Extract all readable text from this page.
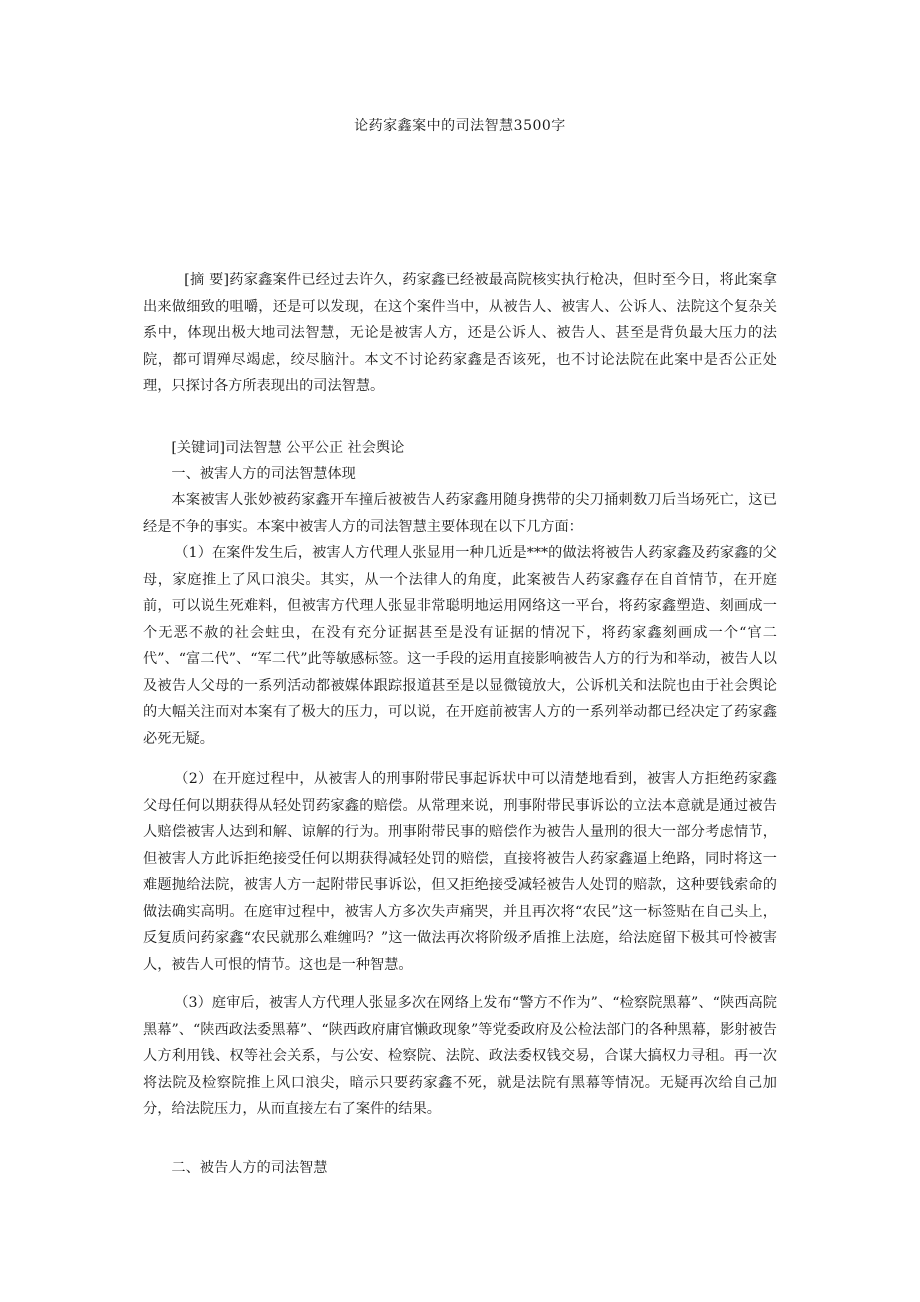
论药家鑫案中的司法智慧3500字

[摘 要]药家鑫案件已经过去许久，药家鑫已经被最高院核实执行枪决，但时至今日，将此案拿出来做细致的咀嚼，还是可以发现，在这个案件当中，从被告人、被害人、公诉人、法院这个复杂关系中，体现出极大地司法智慧，无论是被害人方，还是公诉人、被告人、甚至是背负最大压力的法院，都可谓殚尽竭虑，绞尽脑汁。本文不讨论药家鑫是否该死，也不讨论法院在此案中是否公正处理，只探讨各方所表现出的司法智慧。

[关键词]司法智慧 公平公正 社会舆论

一、被害人方的司法智慧体现

本案被害人张妙被药家鑫开车撞后被被告人药家鑫用随身携带的尖刀捅刺数刀后当场死亡，这已经是不争的事实。本案中被害人方的司法智慧主要体现在以下几方面：

（1）在案件发生后，被害人方代理人张显用一种几近是***的做法将被告人药家鑫及药家鑫的父母，家庭推上了风口浪尖。其实，从一个法律人的角度，此案被告人药家鑫存在自首情节，在开庭前，可以说生死难料，但被害方代理人张显非常聪明地运用网络这一平台，将药家鑫塑造、刻画成一个无恶不赦的社会蛀虫，在没有充分证据甚至是没有证据的情况下，将药家鑫刻画成一个“官二代”、“富二代”、“军二代”此等敏感标签。这一手段的运用直接影响被告人方的行为和举动，被告人以及被告人父母的一系列活动都被媒体跟踪报道甚至是以显微镜放大，公诉机关和法院也由于社会舆论的大幅关注而对本案有了极大的压力，可以说，在开庭前被害人方的一系列举动都已经决定了药家鑫必死无疑。

（2）在开庭过程中，从被害人的刑事附带民事起诉状中可以清楚地看到，被害人方拒绝药家鑫父母任何以期获得从轻处罚药家鑫的赔偿。从常理来说，刑事附带民事诉讼的立法本意就是通过被告人赔偿被害人达到和解、谅解的行为。刑事附带民事的赔偿作为被告人量刑的很大一部分考虑情节，但被害人方此诉拒绝接受任何以期获得减轻处罚的赔偿，直接将被告人药家鑫逼上绝路，同时将这一难题抛给法院，被害人方一起附带民事诉讼，但又拒绝接受减轻被告人处罚的赔款，这种要钱索命的做法确实高明。在庭审过程中，被害人方多次失声痛哭，并且再次将“农民”这一标签贴在自己头上，反复质问药家鑫“农民就那么难缠吗？”这一做法再次将阶级矛盾推上法庭，给法庭留下极其可怜被害人，被告人可恨的情节。这也是一种智慧。

（3）庭审后，被害人方代理人张显多次在网络上发布“警方不作为”、“检察院黑幕”、“陕西高院黑幕”、“陕西政法委黑幕”、“陕西政府庸官懒政现象”等党委政府及公检法部门的各种黑幕，影射被告人方利用钱、权等社会关系，与公安、检察院、法院、政法委权钱交易，合谋大搞权力寻租。再一次将法院及检察院推上风口浪尖，暗示只要药家鑫不死，就是法院有黑幕等情况。无疑再次给自己加分，给法院压力，从而直接左右了案件的结果。

二、被告人方的司法智慧
